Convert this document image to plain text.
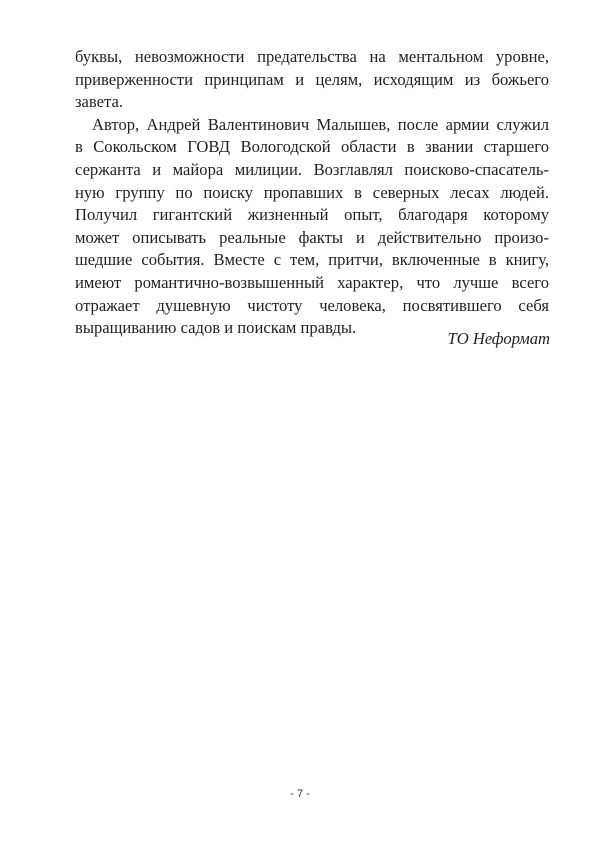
буквы, невозможности предательства на ментальном уровне,
приверженности принципам и целям, исходящим из божьего
завета.

Автор, Андрей Валентинович Малышев, после армии служил
в Сокольском ГОВД Вологодской области в звании старшего
сержанта и майора милиции. Возглавлял поисково-спасатель-
ную группу по поиску пропавших в северных лесах людей.
Получил гигантский жизненный опыт, благодаря которому
может описывать реальные факты и действительно произо-
шедшие события. Вместе с тем, притчи, включенные в книгу,
имеют романтично-возвышенный характер, что лучше всего
отражает душевную чистоту человека, посвятившего себя
выращиванию садов и поискам правды.

ТО Неформат
- 7 -
